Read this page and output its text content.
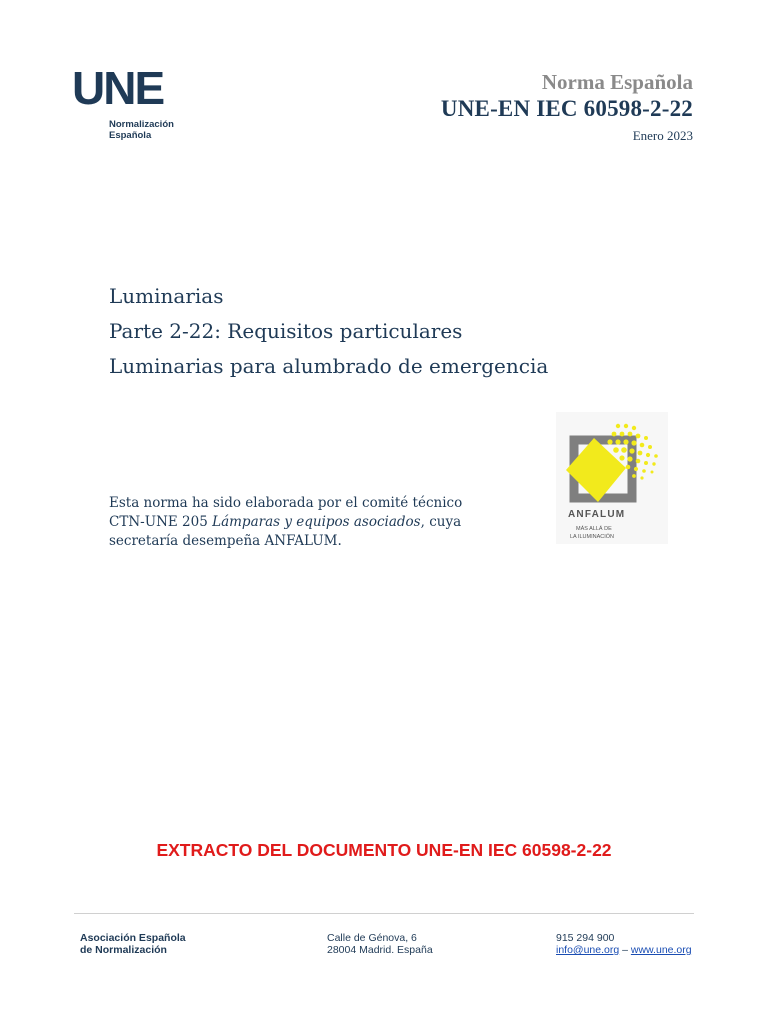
UNE
Normalización
Española
Norma Española
UNE-EN IEC 60598-2-22
Enero 2023
Luminarias
Parte 2-22: Requisitos particulares
Luminarias para alumbrado de emergencia
Esta norma ha sido elaborada por el comité técnico CTN-UNE 205 Lámparas y equipos asociados, cuya secretaría desempeña ANFALUM.
ANFALUM
MÁS ALLÁ DE
LA ILUMINACIÓN
EXTRACTO DEL DOCUMENTO UNE-EN IEC 60598-2-22
Asociación Española
de Normalización
Calle de Génova, 6
28004 Madrid. España
915 294 900
info@une.org – www.une.org
